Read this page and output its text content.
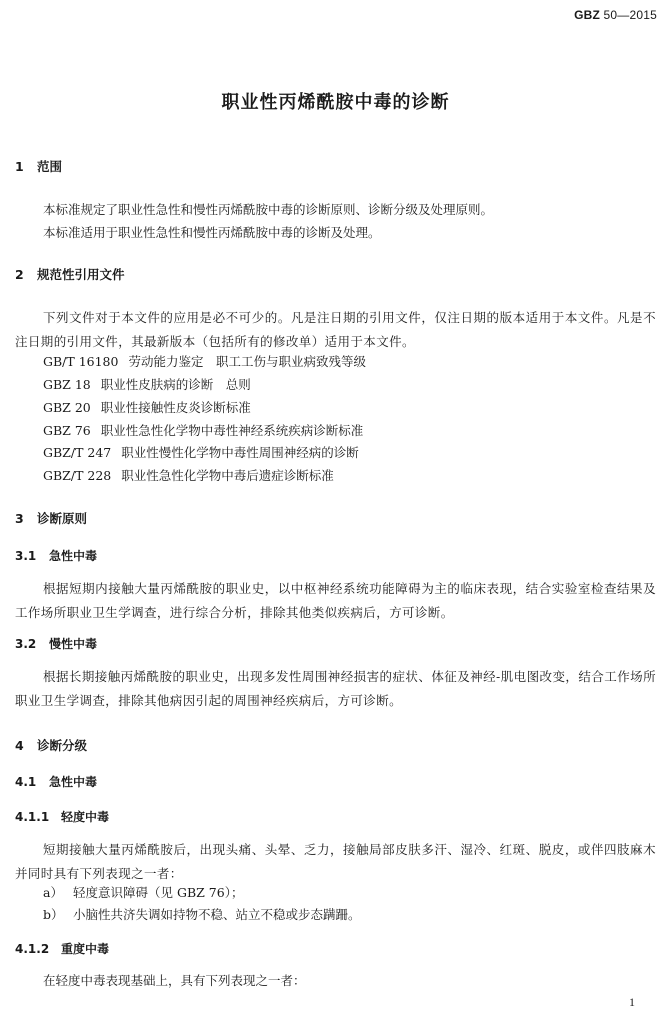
GBZ 50—2015
职业性丙烯酰胺中毒的诊断
1 范围
本标准规定了职业性急性和慢性丙烯酰胺中毒的诊断原则、诊断分级及处理原则。
本标准适用于职业性急性和慢性丙烯酰胺中毒的诊断及处理。
2 规范性引用文件

下列文件对于本文件的应用是必不可少的。凡是注日期的引用文件，仅注日期的版本适用于本文件。凡是不注日期的引用文件，其最新版本（包括所有的修改单）适用于本文件。

GB/T 16180 劳动能力鉴定　职工工伤与职业病致残等级
GBZ 18 职业性皮肤病的诊断　总则
GBZ 20 职业性接触性皮炎诊断标准
GBZ 76 职业性急性化学物中毒性神经系统疾病诊断标准
GBZ/T 247 职业性慢性化学物中毒性周围神经病的诊断
GBZ/T 228 职业性急性化学物中毒后遗症诊断标准
3 诊断原则
3.1 急性中毒

根据短期内接触大量丙烯酰胺的职业史，以中枢神经系统功能障碍为主的临床表现，结合实验室检查结果及工作场所职业卫生学调查，进行综合分析，排除其他类似疾病后，方可诊断。

3.2 慢性中毒

根据长期接触丙烯酰胺的职业史，出现多发性周围神经损害的症状、体征及神经-肌电图改变，结合工作场所职业卫生学调查，排除其他病因引起的周围神经疾病后，方可诊断。

4 诊断分级
4.1 急性中毒
4.1.1 轻度中毒

短期接触大量丙烯酰胺后，出现头痛、头晕、乏力，接触局部皮肤多汗、湿冷、红斑、脱皮，或伴四肢麻木并同时具有下列表现之一者：

a） 轻度意识障碍（见 GBZ 76）；
b） 小脑性共济失调如持物不稳、站立不稳或步态蹒跚。
4.1.2 重度中毒
在轻度中毒表现基础上，具有下列表现之一者：
1
